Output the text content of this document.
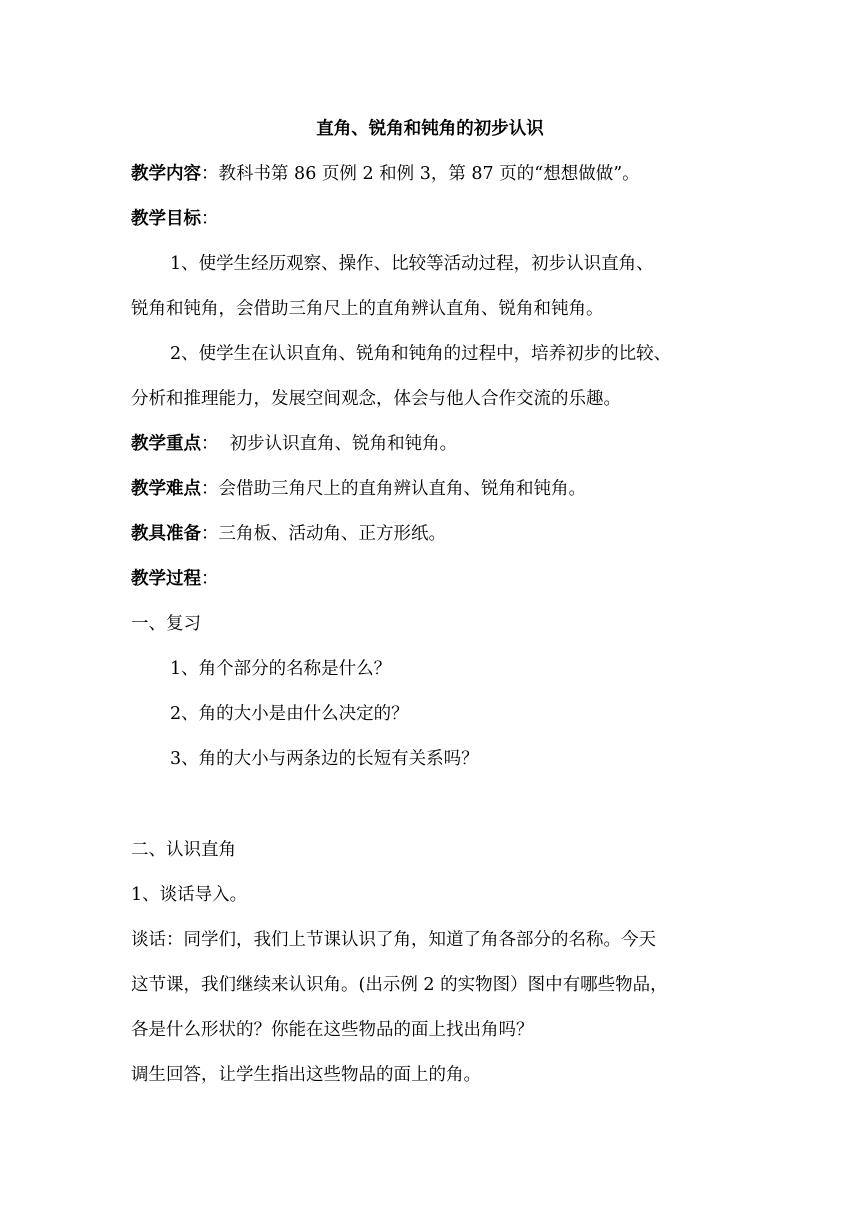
直角、锐角和钝角的初步认识
教学内容：教科书第 86 页例 2 和例 3，第 87 页的“想想做做”。
教学目标：
1、使学生经历观察、操作、比较等活动过程，初步认识直角、
锐角和钝角，会借助三角尺上的直角辨认直角、锐角和钝角。
2、使学生在认识直角、锐角和钝角的过程中，培养初步的比较、
分析和推理能力，发展空间观念，体会与他人合作交流的乐趣。
教学重点：  初步认识直角、锐角和钝角。
教学难点：会借助三角尺上的直角辨认直角、锐角和钝角。
教具准备：三角板、活动角、正方形纸。
教学过程：
一、复习
1、角个部分的名称是什么？
2、角的大小是由什么决定的？
3、角的大小与两条边的长短有关系吗？
二、认识直角
1、谈话导入。
谈话：同学们，我们上节课认识了角，知道了角各部分的名称。今天
这节课，我们继续来认识角。(出示例 2 的实物图）图中有哪些物品，
各是什么形状的？你能在这些物品的面上找出角吗？
调生回答，让学生指出这些物品的面上的角。
